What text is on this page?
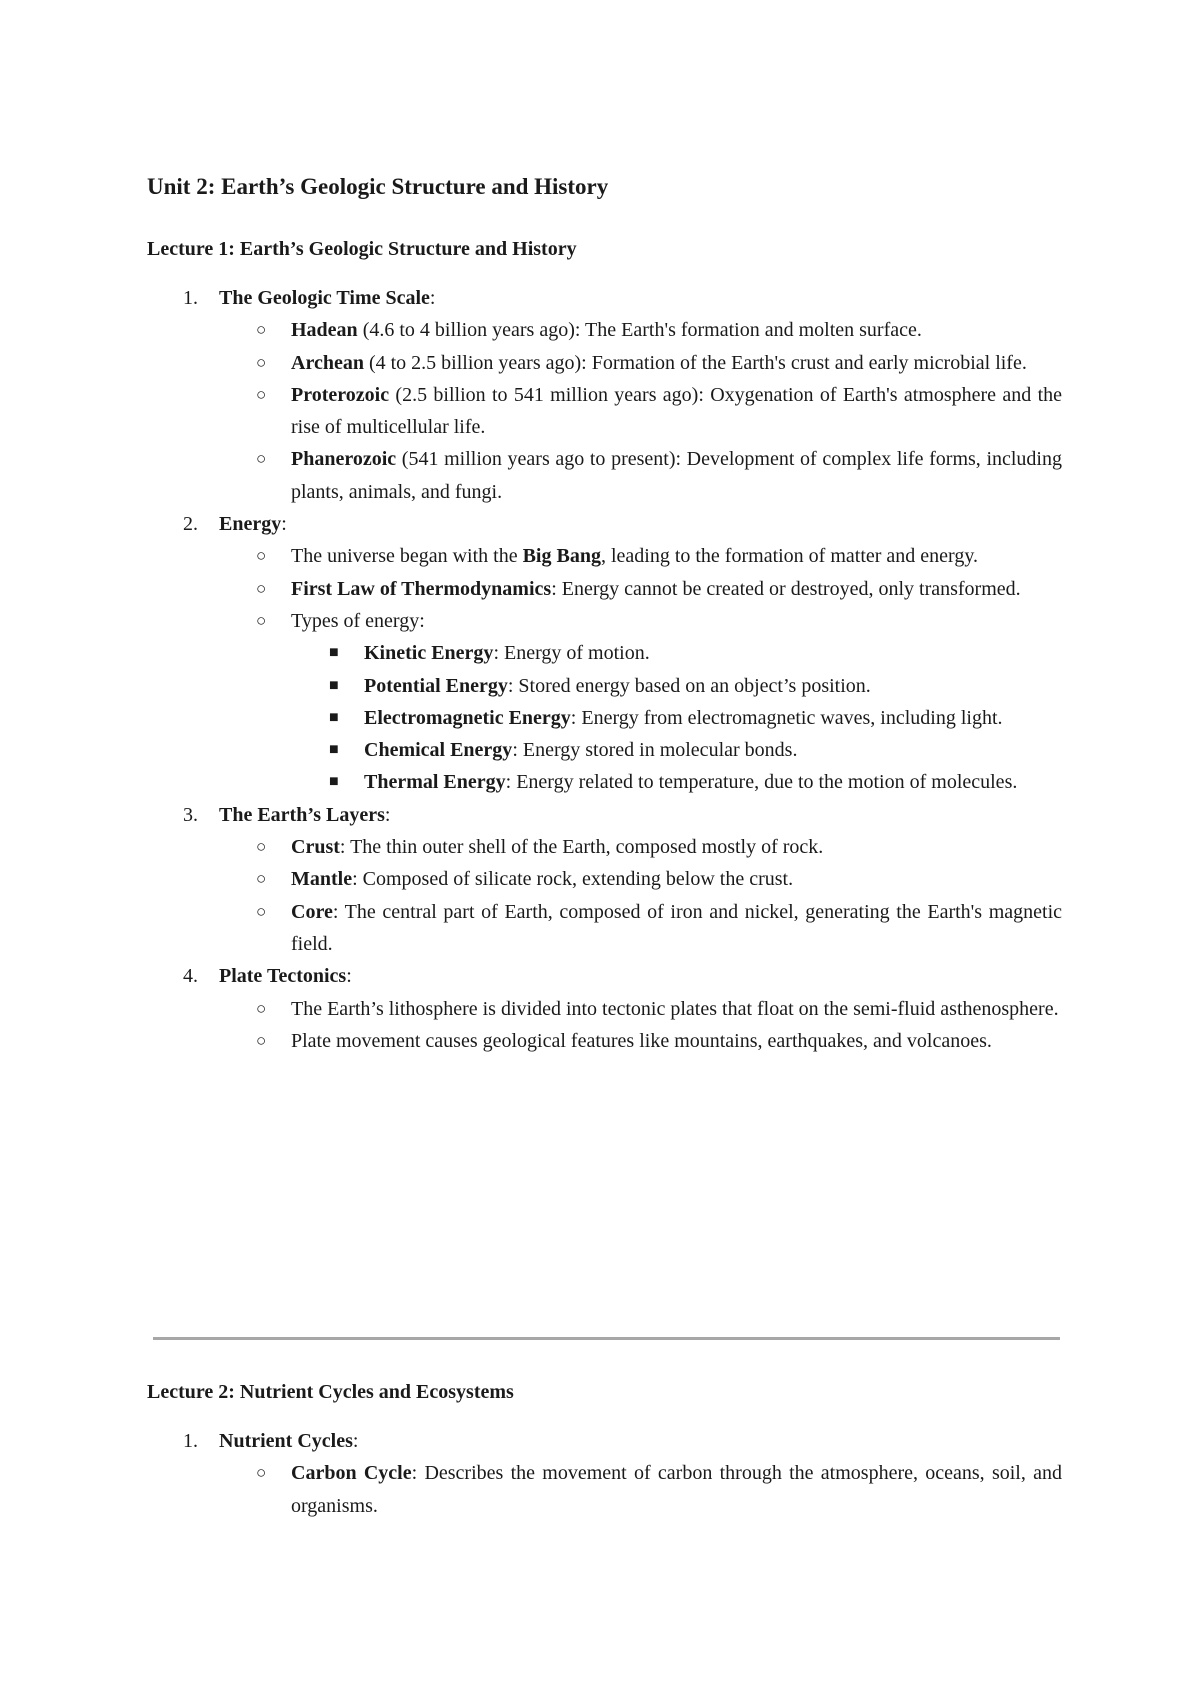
Unit 2: Earth’s Geologic Structure and History
Lecture 1: Earth’s Geologic Structure and History
1. The Geologic Time Scale:
○ Hadean (4.6 to 4 billion years ago): The Earth's formation and molten surface.
○ Archean (4 to 2.5 billion years ago): Formation of the Earth's crust and early microbial life.
○ Proterozoic (2.5 billion to 541 million years ago): Oxygenation of Earth's atmosphere and the rise of multicellular life.
○ Phanerozoic (541 million years ago to present): Development of complex life forms, including plants, animals, and fungi.
2. Energy:
○ The universe began with the Big Bang, leading to the formation of matter and energy.
○ First Law of Thermodynamics: Energy cannot be created or destroyed, only transformed.
○ Types of energy:
■ Kinetic Energy: Energy of motion.
■ Potential Energy: Stored energy based on an object’s position.
■ Electromagnetic Energy: Energy from electromagnetic waves, including light.
■ Chemical Energy: Energy stored in molecular bonds.
■ Thermal Energy: Energy related to temperature, due to the motion of molecules.
3. The Earth’s Layers:
○ Crust: The thin outer shell of the Earth, composed mostly of rock.
○ Mantle: Composed of silicate rock, extending below the crust.
○ Core: The central part of Earth, composed of iron and nickel, generating the Earth's magnetic field.
4. Plate Tectonics:
○ The Earth’s lithosphere is divided into tectonic plates that float on the semi-fluid asthenosphere.
○ Plate movement causes geological features like mountains, earthquakes, and volcanoes.
Lecture 2: Nutrient Cycles and Ecosystems
1. Nutrient Cycles:
○ Carbon Cycle: Describes the movement of carbon through the atmosphere, oceans, soil, and organisms.
